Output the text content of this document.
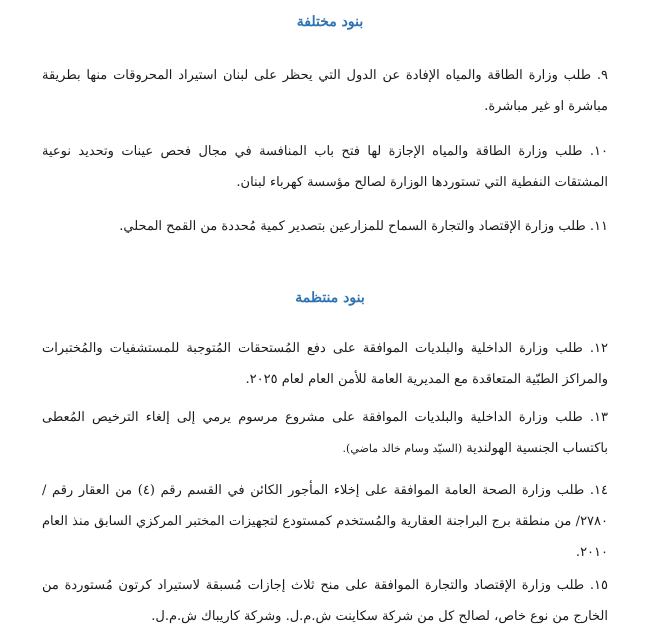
بنود مختلفة
٩. طلب وزارة الطاقة والمياه الإفادة عن الدول التي يحظر على لبنان استيراد المحروقات منها بطريقة مباشرة او غير مباشرة.
١٠. طلب وزارة الطاقة والمياه الإجازة لها فتح باب المنافسة في مجال فحص عينات وتحديد نوعية المشتقات النفطية التي تستوردها الوزارة لصالح مؤسسة كهرباء لبنان.
١١. طلب وزارة الإقتصاد والتجارة السماح للمزارعين بتصدير كمية مُحددة من القمح المحلي.
بنود منتظمة
١٢. طلب وزارة الداخلية والبلديات الموافقة على دفع المُستحقات المُتوجبة للمستشفيات والمُختبرات والمراكز الطبّية المتعاقدة مع المديرية العامة للأمن العام لعام ٢٠٢٥.
١٣. طلب وزارة الداخلية والبلديات الموافقة على مشروع مرسوم يرمي إلى إلغاء الترخيص المُعطى باكتساب الجنسية الهولندية (السيّد وسام خالد ماضي).
١٤. طلب وزارة الصحة العامة الموافقة على إخلاء المأجور الكائن في القسم رقم (٤) من العقار رقم /٢٧٨٠/ من منطقة برج البراجنة العقارية والمُستخدم كمستودع لتجهيزات المختبر المركزي السابق منذ العام ٢٠١٠.
١٥. طلب وزارة الإقتصاد والتجارة الموافقة على منح ثلاث إجازات مُسبقة لاستيراد كرتون مُستوردة من الخارج من نوع خاص، لصالح كل من شركة سكاينت ش.م.ل. وشركة كاريباك ش.م.ل.
